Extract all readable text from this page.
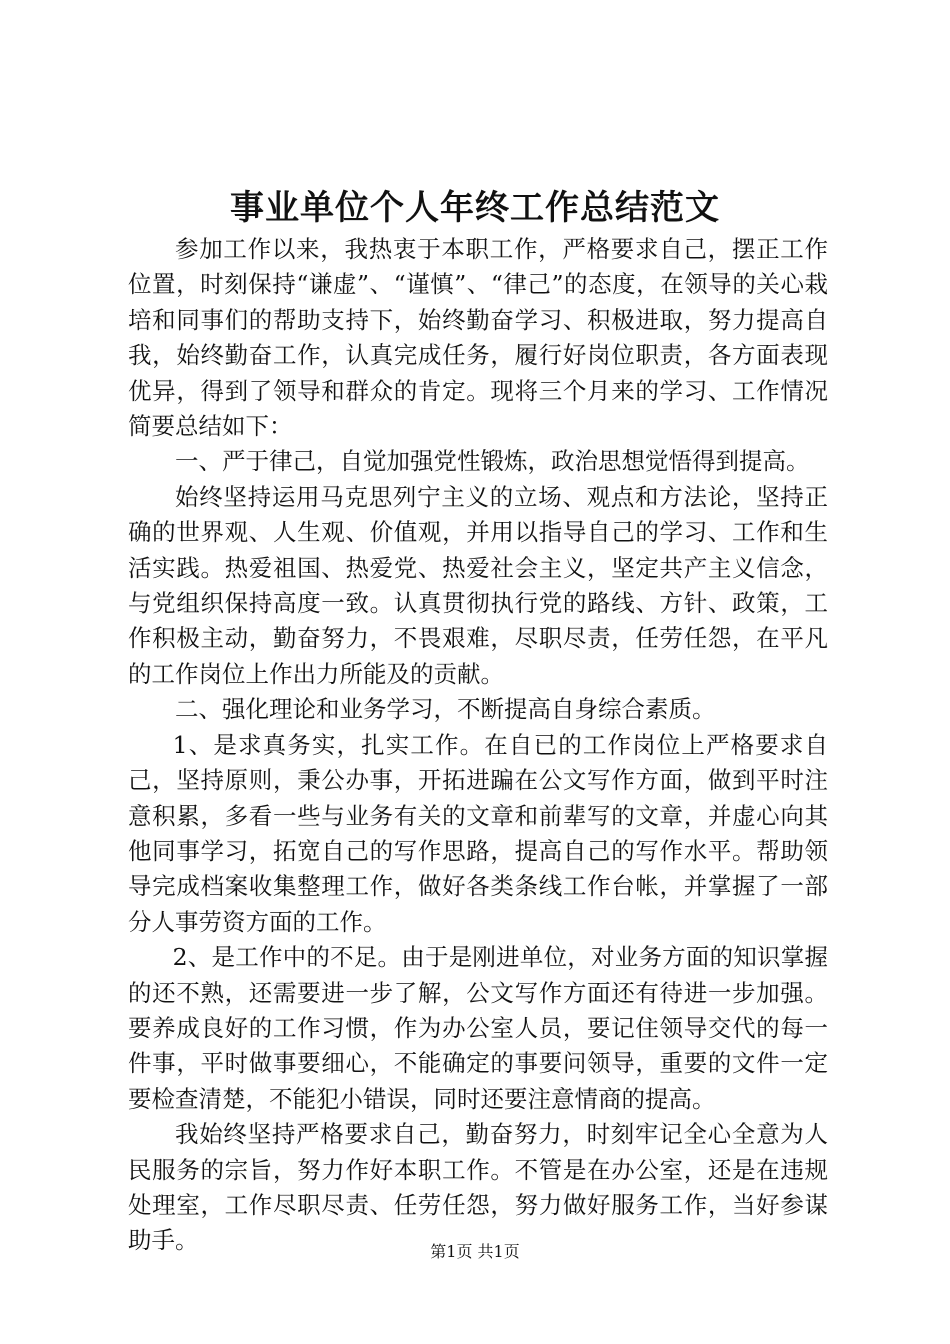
事业单位个人年终工作总结范文

参加工作以来，我热衷于本职工作，严格要求自己，摆正工作位置，时刻保持“谦虚”、“谨慎”、“律己”的态度，在领导的关心栽培和同事们的帮助支持下，始终勤奋学习、积极进取，努力提高自我，始终勤奋工作，认真完成任务，履行好岗位职责，各方面表现优异，得到了领导和群众的肯定。现将三个月来的学习、工作情况简要总结如下：

一、严于律己，自觉加强党性锻炼，政治思想觉悟得到提高。

始终坚持运用马克思列宁主义的立场、观点和方法论，坚持正确的世界观、人生观、价值观，并用以指导自己的学习、工作和生活实践。热爱祖国、热爱党、热爱社会主义，坚定共产主义信念，与党组织保持高度一致。认真贯彻执行党的路线、方针、政策，工作积极主动，勤奋努力，不畏艰难，尽职尽责，任劳任怨，在平凡的工作岗位上作出力所能及的贡献。

二、强化理论和业务学习，不断提高自身综合素质。

1、是求真务实，扎实工作。在自已的工作岗位上严格要求自己，坚持原则，秉公办事，开拓进蹁在公文写作方面，做到平时注意积累，多看一些与业务有关的文章和前辈写的文章，并虚心向其他同事学习，拓宽自己的写作思路，提高自己的写作水平。帮助领导完成档案收集整理工作，做好各类条线工作台帐，并掌握了一部分人事劳资方面的工作。

2、是工作中的不足。由于是刚进单位，对业务方面的知识掌握的还不熟，还需要进一步了解，公文写作方面还有待进一步加强。要养成良好的工作习惯，作为办公室人员，要记住领导交代的每一件事，平时做事要细心，不能确定的事要问领导，重要的文件一定要检查清楚，不能犯小错误，同时还要注意情商的提高。

我始终坚持严格要求自己，勤奋努力，时刻牢记全心全意为人民服务的宗旨，努力作好本职工作。不管是在办公室，还是在违规处理室，工作尽职尽责、任劳任怨，努力做好服务工作，当好参谋助手。	第1页 共1页
